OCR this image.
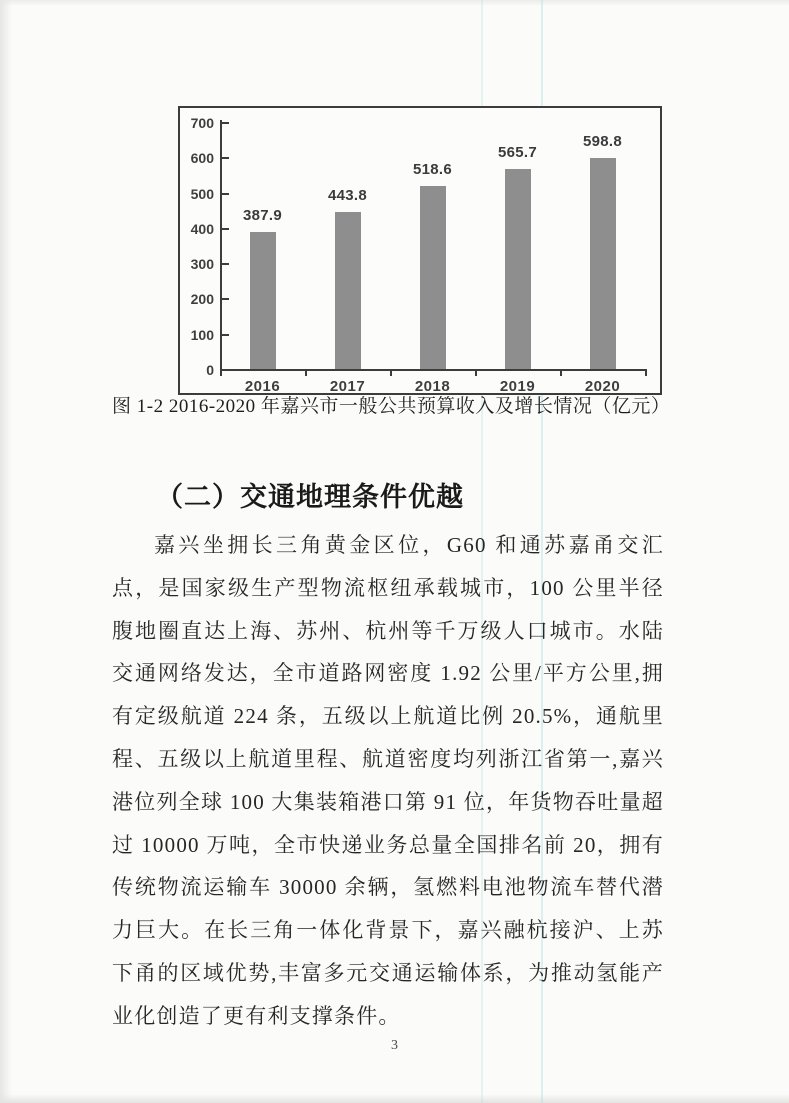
0
100
200
300
400
500
600
700
387.9
2016
443.8
2017
518.6
2018
565.7
2019
598.8
2020

图 1-2 2016-2020 年嘉兴市一般公共预算收入及增长情况（亿元）

（二）交通地理条件优越

嘉兴坐拥长三角黄金区位，G60 和通苏嘉甬交汇点，是国家级生产型物流枢纽承载城市，100 公里半径腹地圈直达上海、苏州、杭州等千万级人口城市。水陆交通网络发达，全市道路网密度 1.92 公里/平方公里,拥有定级航道 224 条，五级以上航道比例 20.5%，通航里程、五级以上航道里程、航道密度均列浙江省第一,嘉兴港位列全球 100 大集装箱港口第 91 位，年货物吞吐量超过 10000 万吨，全市快递业务总量全国排名前 20，拥有传统物流运输车 30000 余辆，氢燃料电池物流车替代潜力巨大。在长三角一体化背景下，嘉兴融杭接沪、上苏下甬的区域优势,丰富多元交通运输体系，为推动氢能产业化创造了更有利支撑条件。

3
